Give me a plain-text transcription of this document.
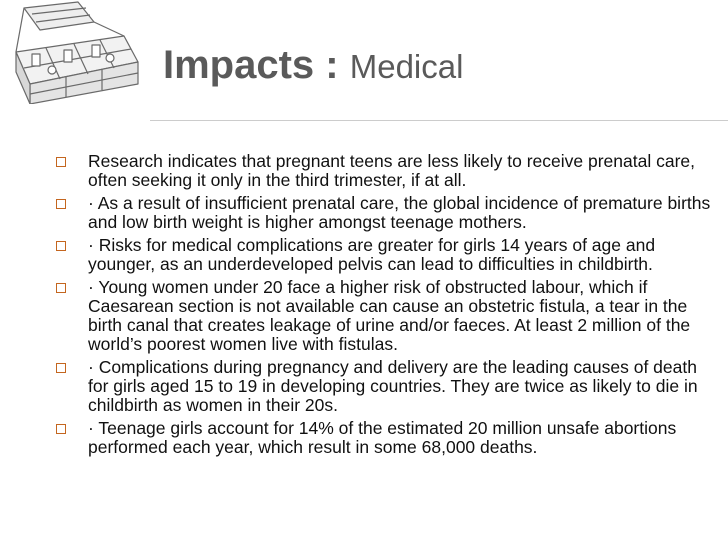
Impacts : Medical
Research indicates that pregnant teens are less likely to receive prenatal care, often seeking it only in the third trimester, if at all.
· As a result of insufficient prenatal care, the global incidence of premature births and low birth weight is higher amongst teenage mothers.
· Risks for medical complications are greater for girls 14 years of age and younger, as an underdeveloped pelvis can lead to difficulties in childbirth.
· Young women under 20 face a higher risk of obstructed labour, which if Caesarean section is not available can cause an obstetric fistula, a tear in the birth canal that creates leakage of urine and/or faeces. At least 2 million of the world’s poorest women live with fistulas.
· Complications during pregnancy and delivery are the leading causes of death for girls aged 15 to 19 in developing countries. They are twice as likely to die in childbirth as women in their 20s.
· Teenage girls account for 14% of the estimated 20 million unsafe abortions performed each year, which result in some 68,000 deaths.
